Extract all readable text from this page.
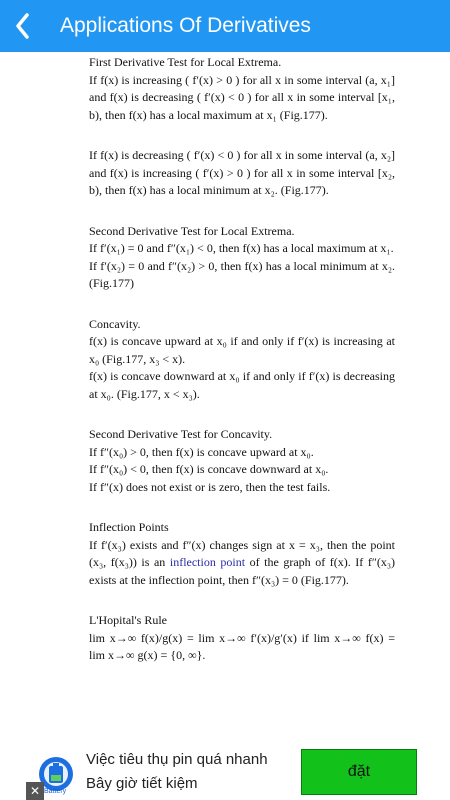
Applications Of Derivatives

First Derivative Test for Local Extrema.

If f(x) is increasing ( f′(x) > 0 ) for all x in some interval (a, x₁] and f(x) is decreasing ( f′(x) < 0 ) for all x in some interval [x₁, b), then f(x) has a local maximum at x₁ (Fig.177).

If f(x) is decreasing ( f′(x) < 0 ) for all x in some interval (a, x₂] and f(x) is increasing ( f′(x) > 0 ) for all x in some interval [x₂, b), then f(x) has a local minimum at x₂. (Fig.177).

Second Derivative Test for Local Extrema.

If f′(x₁) = 0 and f″(x₁) < 0, then f(x) has a local maximum at x₁.

If f′(x₂) = 0 and f″(x₂) > 0, then f(x) has a local minimum at x₂. (Fig.177)

Concavity.

f(x) is concave upward at x₀ if and only if f′(x) is increasing at x₀ (Fig.177, x₃ < x).

f(x) is concave downward at x₀ if and only if f′(x) is decreasing at x₀. (Fig.177, x < x₃).

Second Derivative Test for Concavity.

If f″(x₀) > 0, then f(x) is concave upward at x₀.

If f″(x₀) < 0, then f(x) is concave downward at x₀.

If f″(x) does not exist or is zero, then the test fails.

Inflection Points

If f′(x₃) exists and f″(x) changes sign at x = x₃, then the point (x₃, f(x₃)) is an inflection point of the graph of f(x). If f″(x₃) exists at the inflection point, then f″(x₃) = 0 (Fig.177).

L'Hopital's Rule

lim x→∞ f(x)/g(x) = lim x→∞ f′(x)/g′(x) if lim x→∞ f(x) = lim x→∞ g(x) = {0, ∞}.

Việc tiêu thụ pin quá nhanh
Bây giờ tiết kiệm
đặt
✕ Battery
